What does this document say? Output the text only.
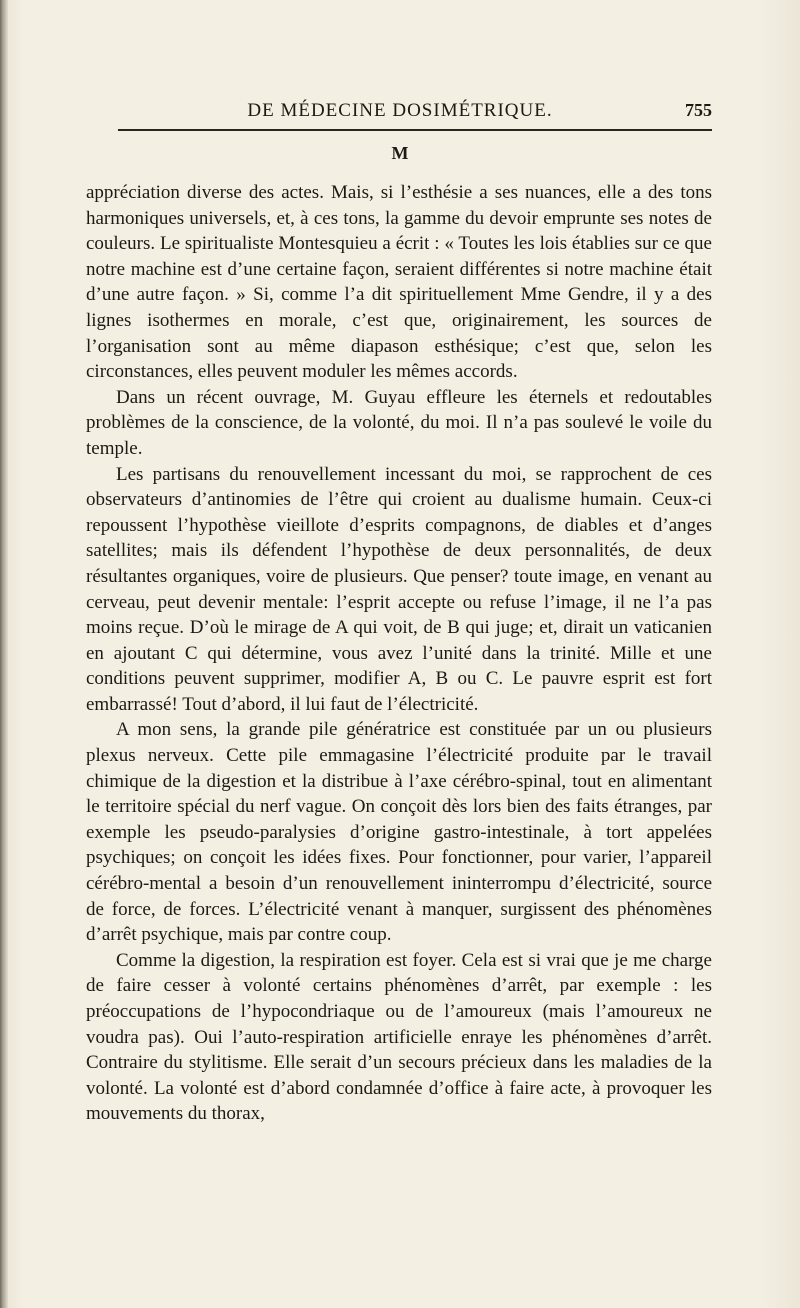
DE MÉDECINE DOSIMÉTRIQUE.	755
M

appréciation diverse des actes. Mais, si l’esthésie a ses nuances, elle a des tons harmoniques universels, et, à ces tons, la gamme du devoir emprunte ses notes de couleurs. Le spiritualiste Montesquieu a écrit : « Toutes les lois établies sur ce que notre machine est d’une certaine façon, seraient différentes si notre machine était d’une autre façon. » Si, comme l’a dit spirituellement Mme Gendre, il y a des lignes isothermes en morale, c’est que, originairement, les sources de l’organisation sont au même diapason esthésique; c’est que, selon les circonstances, elles peuvent moduler les mêmes accords.

Dans un récent ouvrage, M. Guyau effleure les éternels et redoutables problèmes de la conscience, de la volonté, du moi. Il n’a pas soulevé le voile du temple.

Les partisans du renouvellement incessant du moi, se rapprochent de ces observateurs d’antinomies de l’être qui croient au dualisme humain. Ceux-ci repoussent l’hypothèse vieillote d’esprits compagnons, de diables et d’anges satellites; mais ils défendent l’hypothèse de deux personnalités, de deux résultantes organiques, voire de plusieurs. Que penser? toute image, en venant au cerveau, peut devenir mentale: l’esprit accepte ou refuse l’image, il ne l’a pas moins reçue. D’où le mirage de A qui voit, de B qui juge; et, dirait un vaticanien en ajoutant C qui détermine, vous avez l’unité dans la trinité. Mille et une conditions peuvent supprimer, modifier A, B ou C. Le pauvre esprit est fort embarrassé! Tout d’abord, il lui faut de l’électricité.

A mon sens, la grande pile génératrice est constituée par un ou plusieurs plexus nerveux. Cette pile emmagasine l’électricité produite par le travail chimique de la digestion et la distribue à l’axe cérébro-spinal, tout en alimentant le territoire spécial du nerf vague. On conçoit dès lors bien des faits étranges, par exemple les pseudo-paralysies d’origine gastro-intestinale, à tort appelées psychiques; on conçoit les idées fixes. Pour fonctionner, pour varier, l’appareil cérébro-mental a besoin d’un renouvellement ininterrompu d’électricité, source de force, de forces. L’électricité venant à manquer, surgissent des phénomènes d’arrêt psychique, mais par contre coup.

Comme la digestion, la respiration est foyer. Cela est si vrai que je me charge de faire cesser à volonté certains phénomènes d’arrêt, par exemple : les préoccupations de l’hypocondriaque ou de l’amoureux (mais l’amoureux ne voudra pas). Oui l’auto-respiration artificielle enraye les phénomènes d’arrêt. Contraire du stylitisme. Elle serait d’un secours précieux dans les maladies de la volonté. La volonté est d’abord condamnée d’office à faire acte, à provoquer les mouvements du thorax,
